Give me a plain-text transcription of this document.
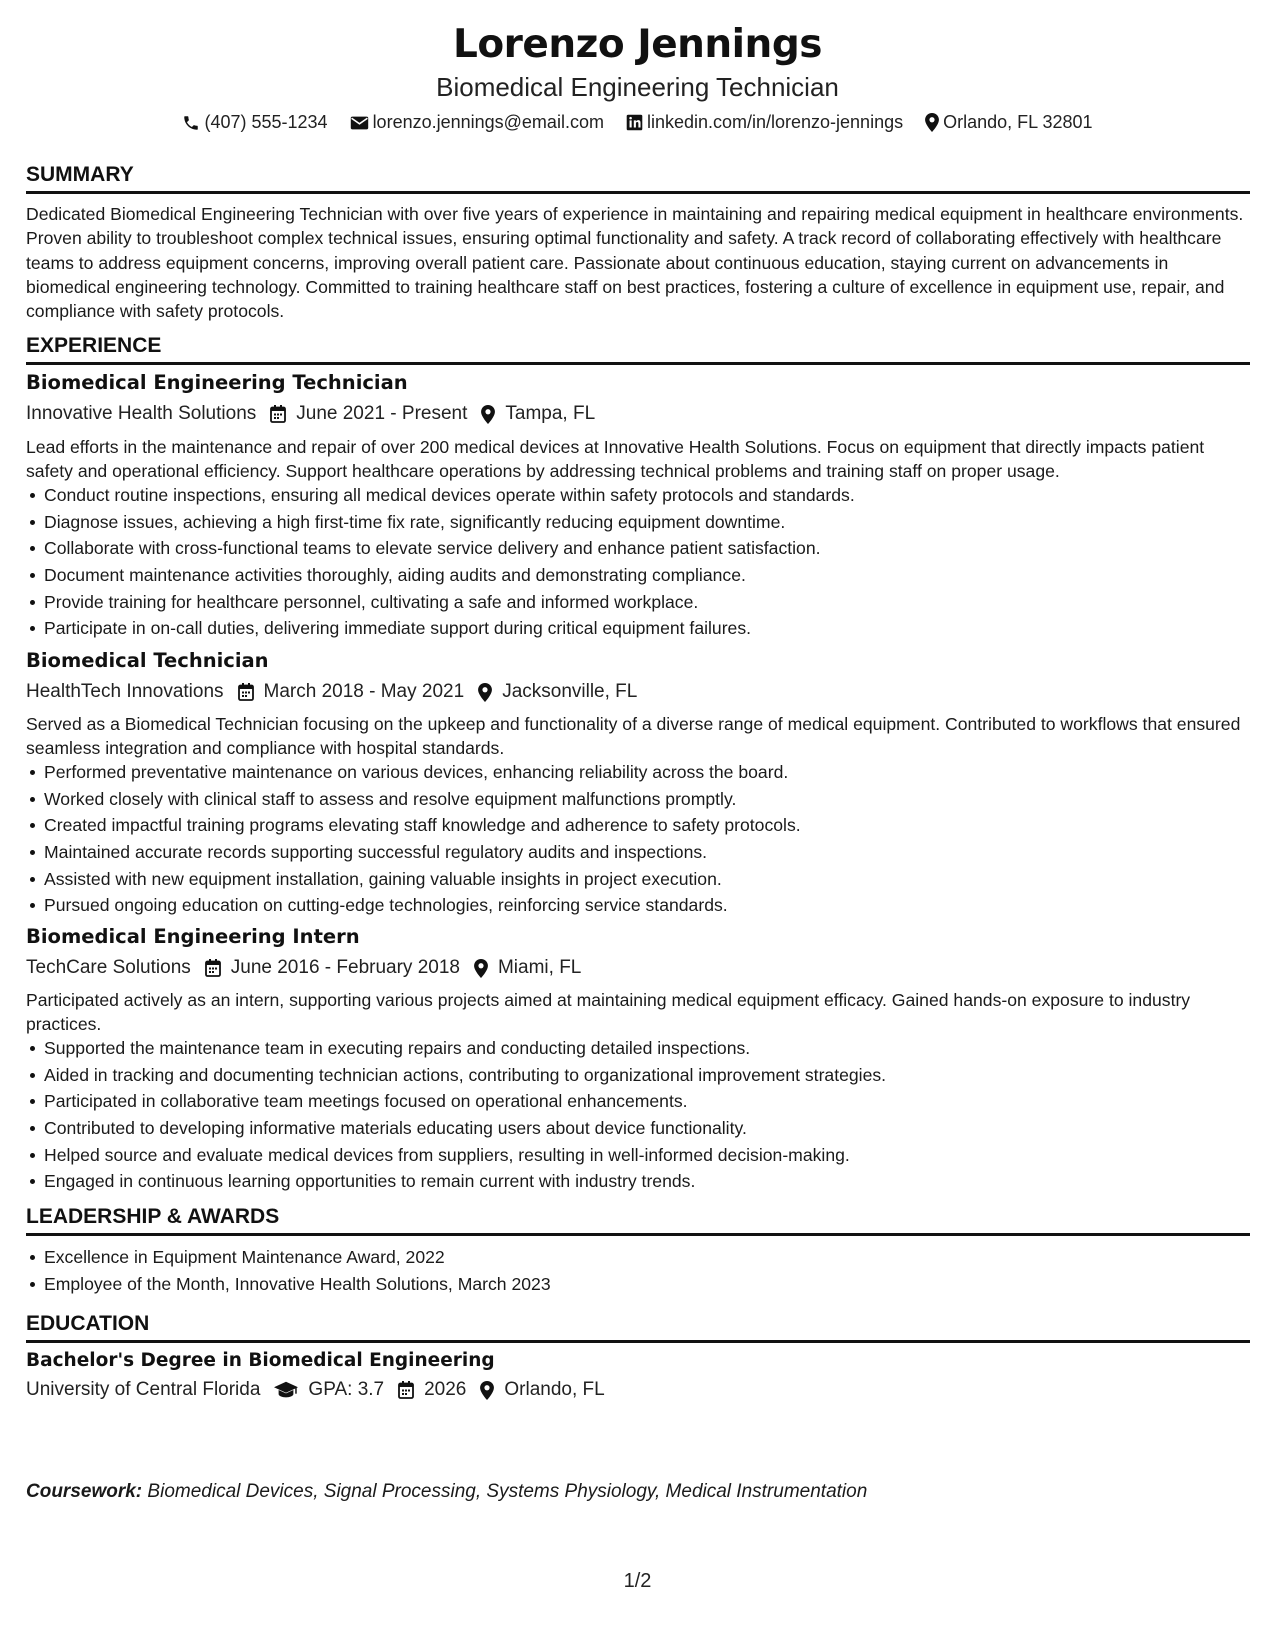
Lorenzo Jennings
Biomedical Engineering Technician
(407) 555-1234	lorenzo.jennings@email.com linkedin.com/in/lorenzo-jennings Orlando, FL 32801
SUMMARY
Dedicated Biomedical Engineering Technician with over five years of experience in maintaining and repairing medical equipment in healthcare environments. Proven ability to troubleshoot complex technical issues, ensuring optimal functionality and safety. A track record of collaborating effectively with healthcare teams to address equipment concerns, improving overall patient care. Passionate about continuous education, staying current on advancements in biomedical engineering technology. Committed to training healthcare staff on best practices, fostering a culture of excellence in equipment use, repair, and compliance with safety protocols.
EXPERIENCE
Biomedical Engineering Technician
Innovative Health Solutions June 2021 - Present Tampa, FL
Lead efforts in the maintenance and repair of over 200 medical devices at Innovative Health Solutions. Focus on equipment that directly impacts patient safety and operational efficiency. Support healthcare operations by addressing technical problems and training staff on proper usage.
Conduct routine inspections, ensuring all medical devices operate within safety protocols and standards.
Diagnose issues, achieving a high first-time fix rate, significantly reducing equipment downtime.
Collaborate with cross-functional teams to elevate service delivery and enhance patient satisfaction.
Document maintenance activities thoroughly, aiding audits and demonstrating compliance.
Provide training for healthcare personnel, cultivating a safe and informed workplace.
Participate in on-call duties, delivering immediate support during critical equipment failures.
Biomedical Technician
HealthTech Innovations March 2018 - May 2021 Jacksonville, FL
Served as a Biomedical Technician focusing on the upkeep and functionality of a diverse range of medical equipment. Contributed to workflows that ensured seamless integration and compliance with hospital standards.
Performed preventative maintenance on various devices, enhancing reliability across the board.
Worked closely with clinical staff to assess and resolve equipment malfunctions promptly.
Created impactful training programs elevating staff knowledge and adherence to safety protocols.
Maintained accurate records supporting successful regulatory audits and inspections.
Assisted with new equipment installation, gaining valuable insights in project execution.
Pursued ongoing education on cutting-edge technologies, reinforcing service standards.
Biomedical Engineering Intern
TechCare Solutions June 2016 - February 2018 Miami, FL
Participated actively as an intern, supporting various projects aimed at maintaining medical equipment efficacy. Gained hands-on exposure to industry practices.
Supported the maintenance team in executing repairs and conducting detailed inspections.
Aided in tracking and documenting technician actions, contributing to organizational improvement strategies.
Participated in collaborative team meetings focused on operational enhancements.
Contributed to developing informative materials educating users about device functionality.
Helped source and evaluate medical devices from suppliers, resulting in well-informed decision-making.
Engaged in continuous learning opportunities to remain current with industry trends.
LEADERSHIP & AWARDS
Excellence in Equipment Maintenance Award, 2022
Employee of the Month, Innovative Health Solutions, March 2023
EDUCATION
Bachelor's Degree in Biomedical Engineering
University of Central Florida	GPA: 3.7 2026 Orlando, FL
Coursework: Biomedical Devices, Signal Processing, Systems Physiology, Medical Instrumentation
1/2
